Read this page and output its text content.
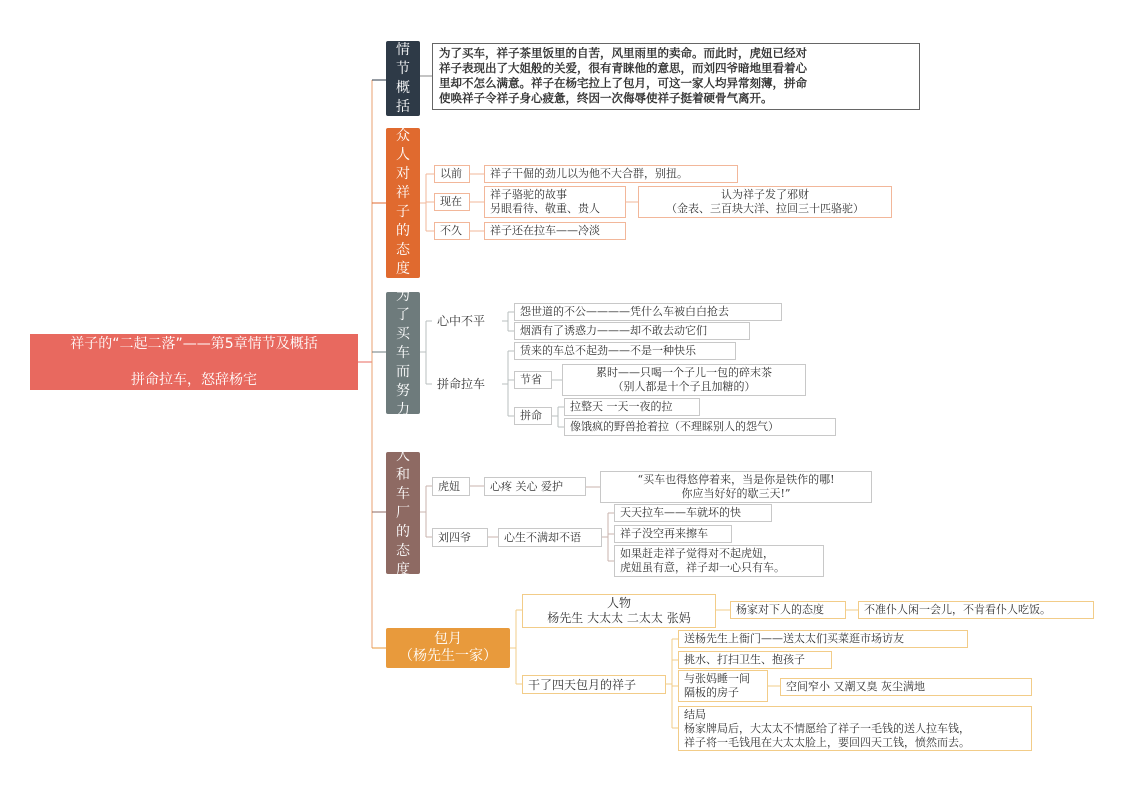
祥子的“二起二落”——第5章情节及概括

拼命拉车，怒辞杨宅

情节概括
为了买车，祥子茶里饭里的自苦，风里雨里的卖命。而此时，虎妞已经对
祥子表现出了大姐般的关爱，很有青睐他的意思，而刘四爷暗地里看着心
里却不怎么满意。祥子在杨宅拉上了包月，可这一家人均异常刻薄，拼命
使唤祥子令祥子身心疲惫，终因一次侮辱使祥子挺着硬骨气离开。
众人对祥子的态度
以前	祥子干倔的劲儿以为他不大合群，别扭。
现在
祥子骆驼的故事
另眼看待、敬重、贵人
认为祥子发了邪财
（金表、三百块大洋、拉回三十匹骆驼）
不久	祥子还在拉车——冷淡
为了买车而努力
心中不平
怨世道的不公————凭什么车被白白抢去
烟酒有了诱惑力———却不敢去动它们
拼命拉车
赁来的车总不起劲——不是一种快乐
节省
累时——只喝一个子儿一包的碎末茶
（别人都是十个子且加糖的）
拼命
拉整天 一天一夜的拉
像饿疯的野兽抢着拉（不理睬别人的怨气）
人和车厂的态度
虎妞	心疼 关心 爱护	“买车也得悠停着来，当是你是铁作的哪!
你应当好好的歇三天!”
刘四爷	心生不满却不语
天天拉车——车就坏的快
祥子没空再来擦车
如果赶走祥子觉得对不起虎妞，
虎妞虽有意，祥子却一心只有车。
包月
（杨先生一家）
人物
杨先生 大太太 二太太 张妈
杨家对下人的态度	不准仆人闲一会儿，不肯看仆人吃饭。
干了四天包月的祥子
送杨先生上衙门——送太太们买菜逛市场访友
挑水、打扫卫生、抱孩子
与张妈睡一间
隔板的房子	空间窄小 又潮又臭 灰尘满地
结局
杨家牌局后，大太太不情愿给了祥子一毛钱的送人拉车钱，
祥子将一毛钱甩在大太太脸上，要回四天工钱，愤然而去。
